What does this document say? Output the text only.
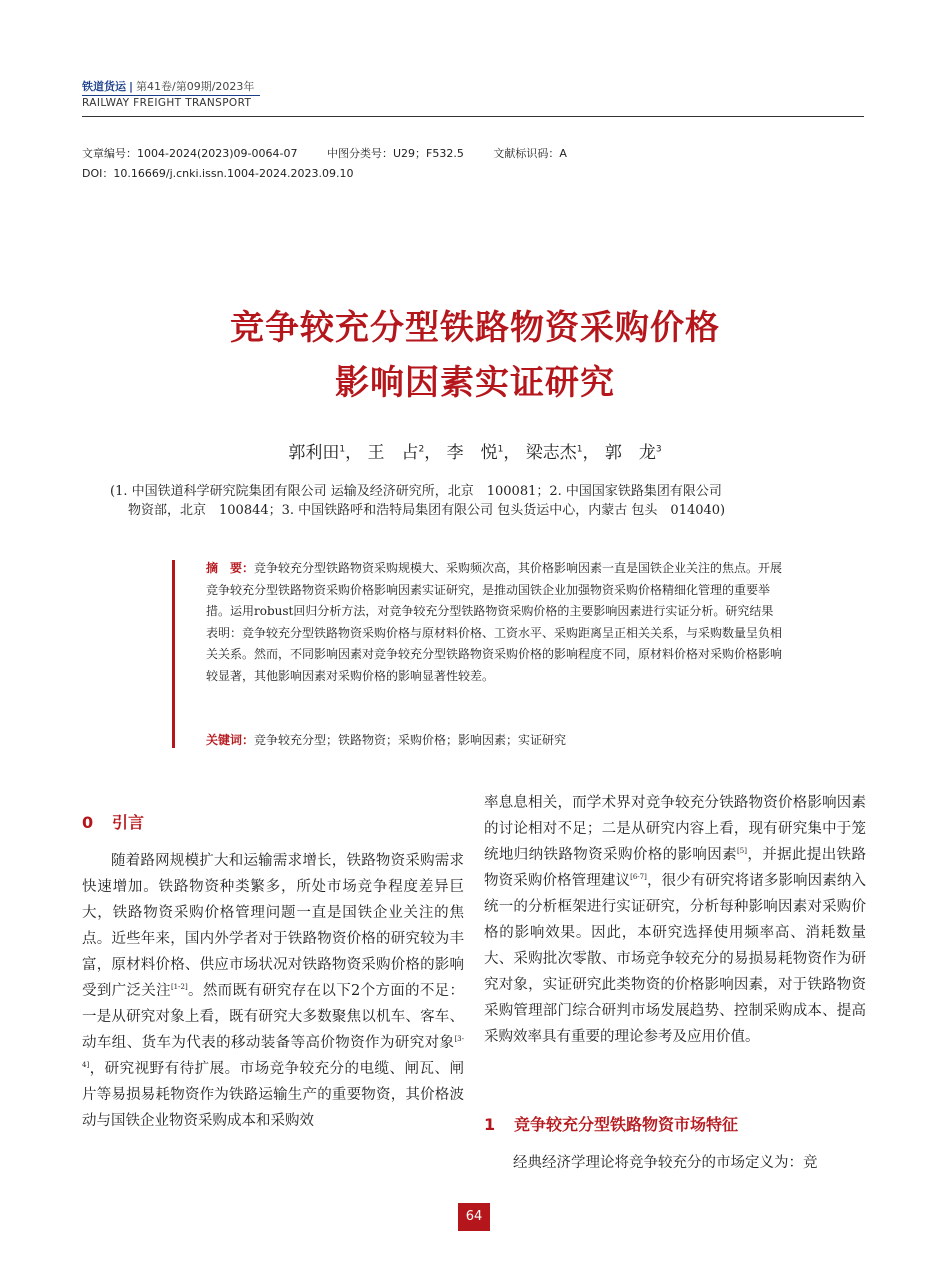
铁道货运 | 第41卷/第09期/2023年
RAILWAY FREIGHT TRANSPORT
文章编号：1004-2024(2023)09-0064-07	中图分类号：U29；F532.5	文献标识码：A
DOI：10.16669/j.cnki.issn.1004-2024.2023.09.10
竞争较充分型铁路物资采购价格
影响因素实证研究
郭利田$^1$， 王　占$^2$， 李　悦$^1$， 梁志杰$^1$， 郭　龙$^3$
(1. 中国铁道科学研究院集团有限公司 运输及经济研究所，北京　100081；2. 中国国家铁路集团有限公司
物资部，北京　100844；3. 中国铁路呼和浩特局集团有限公司 包头货运中心，内蒙古 包头　014040)
摘　要：竞争较充分型铁路物资采购规模大、采购频次高，其价格影响因素一直是国铁企业关注的焦点。开展竞争较充分型铁路物资采购价格影响因素实证研究，是推动国铁企业加强物资采购价格精细化管理的重要举措。运用robust回归分析方法，对竞争较充分型铁路物资采购价格的主要影响因素进行实证分析。研究结果表明：竞争较充分型铁路物资采购价格与原材料价格、工资水平、采购距离呈正相关关系，与采购数量呈负相关关系。然而，不同影响因素对竞争较充分型铁路物资采购价格的影响程度不同，原材料价格对采购价格影响较显著，其他影响因素对采购价格的影响显著性较差。
关键词：竞争较充分型；铁路物资；采购价格；影响因素；实证研究
0 引言

随着路网规模扩大和运输需求增长，铁路物资采购需求快速增加。铁路物资种类繁多，所处市场竞争程度差异巨大，铁路物资采购价格管理问题一直是国铁企业关注的焦点。近些年来，国内外学者对于铁路物资价格的研究较为丰富，原材料价格、供应市场状况对铁路物资采购价格的影响受到广泛关注[1-2]。然而既有研究存在以下2个方面的不足：一是从研究对象上看，既有研究大多数聚焦以机车、客车、动车组、货车为代表的移动装备等高价物资作为研究对象[3-4]，研究视野有待扩展。市场竞争较充分的电缆、闸瓦、闸片等易损易耗物资作为铁路运输生产的重要物资，其价格波动与国铁企业物资采购成本和采购效

率息息相关，而学术界对竞争较充分铁路物资价格影响因素的讨论相对不足；二是从研究内容上看，现有研究集中于笼统地归纳铁路物资采购价格的影响因素[5]，并据此提出铁路物资采购价格管理建议[6-7]，很少有研究将诸多影响因素纳入统一的分析框架进行实证研究，分析每种影响因素对采购价格的影响效果。因此，本研究选择使用频率高、消耗数量大、采购批次零散、市场竞争较充分的易损易耗物资作为研究对象，实证研究此类物资的价格影响因素，对于铁路物资采购管理部门综合研判市场发展趋势、控制采购成本、提高采购效率具有重要的理论参考及应用价值。

1 竞争较充分型铁路物资市场特征

经典经济学理论将竞争较充分的市场定义为：竞

64
